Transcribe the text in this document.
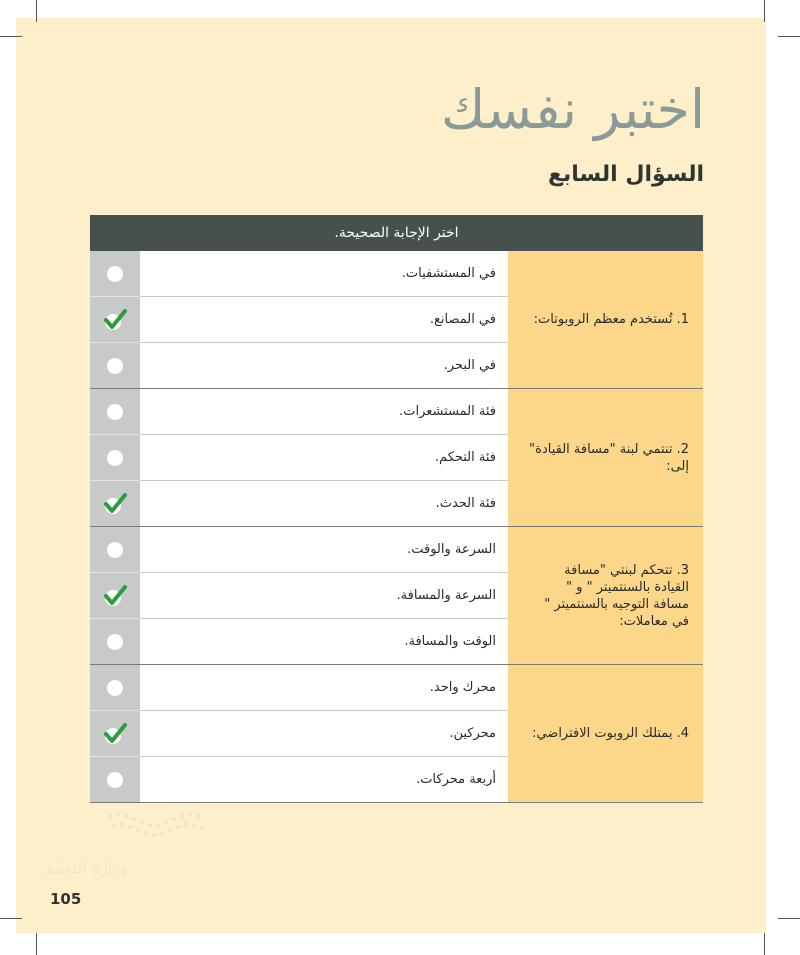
اختبر نفسك
السؤال السابع
اختر الإجابة الصحيحة.		
1. تُستخدم معظم الروبوتات:	في المستشفيات.	
	في المصانع.	
	في البحر.	
2. تنتمي لبنة "مسافة القيادة" إلى:	فئة المستشعرات.	
	فئة التحكم.	
	فئة الحدث.	
3. تتحكم لبنتي "مسافة القيادة بالسنتميتر " و " مسافة التوجيه بالسنتميتر " في معاملات:	السرعة والوقت.	
	السرعة والمسافة.	
	الوقت والمسافة.	
4. يمتلك الروبوت الافتراضي:	محرك واحد.	
	محركين.	
	أربعة محركات.	
وزارة التعليم
105
